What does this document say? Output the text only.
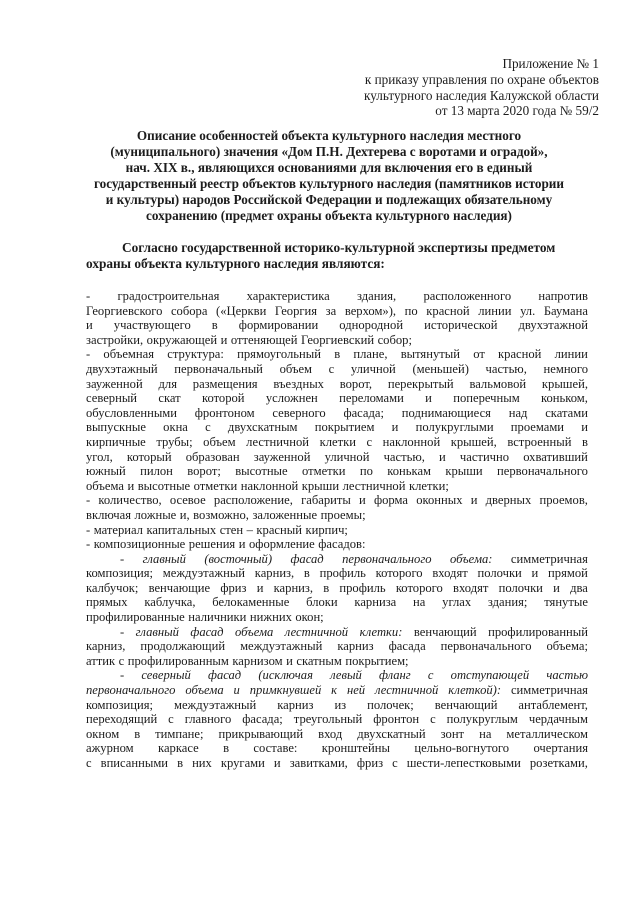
Приложение № 1
к приказу управления по охране объектов
культурного наследия Калужской области
от 13 марта 2020 года № 59/2
Описание особенностей объекта культурного наследия местного
(муниципального) значения «Дом П.Н. Дехтерева с воротами и оградой»,
нач. XIX в., являющихся основаниями для включения его в единый
государственный реестр объектов культурного наследия (памятников истории
и культуры) народов Российской Федерации и подлежащих обязательному
сохранению (предмет охраны объекта культурного наследия)
Согласно государственной историко-культурной экспертизы предметом
охраны объекта культурного наследия являются:
- градостроительная характеристика здания, расположенного напротив
Георгиевского собора («Церкви Георгия за верхом»), по красной линии ул. Баумана
и участвующего в формировании однородной исторической двухэтажной
застройки, окружающей и оттеняющей Георгиевский собор;
- объемная структура: прямоугольный в плане, вытянутый от красной линии
двухэтажный первоначальный объем с уличной (меньшей) частью, немного
зауженной для размещения въездных ворот, перекрытый вальмовой крышей,
северный скат которой усложнен переломами и поперечным коньком,
обусловленными фронтоном северного фасада; поднимающиеся над скатами
выпускные окна с двухскатным покрытием и полукруглыми проемами и
кирпичные трубы; объем лестничной клетки с наклонной крышей, встроенный в
угол, который образован зауженной уличной частью, и частично охвативший
южный пилон ворот; высотные отметки по конькам крыши первоначального
объема и высотные отметки наклонной крыши лестничной клетки;
- количество, осевое расположение, габариты и форма оконных и дверных проемов,
включая ложные и, возможно, заложенные проемы;
- материал капитальных стен – красный кирпич;
- композиционные решения и оформление фасадов:
- главный (восточный) фасад первоначального объема: симметричная
композиция; междуэтажный карниз, в профиль которого входят полочки и прямой
калбучок; венчающие фриз и карниз, в профиль которого входят полочки и два
прямых каблучка, белокаменные блоки карниза на углах здания; тянутые
профилированные наличники нижних окон;
- главный фасад объема лестничной клетки: венчающий профилированный
карниз, продолжающий междуэтажный карниз фасада первоначального объема;
аттик с профилированным карнизом и скатным покрытием;
- северный фасад (исключая левый фланг с отступающей частью
первоначального объема и примкнувшей к ней лестничной клеткой): симметричная
композиция; междуэтажный карниз из полочек; венчающий антаблемент,
переходящий с главного фасада; треугольный фронтон с полукруглым чердачным
окном в тимпане; прикрывающий вход двухскатный зонт на металлическом
ажурном каркасе в составе: кронштейны цельно-вогнутого очертания
с вписанными в них кругами и завитками, фриз с шести-лепестковыми розетками,
